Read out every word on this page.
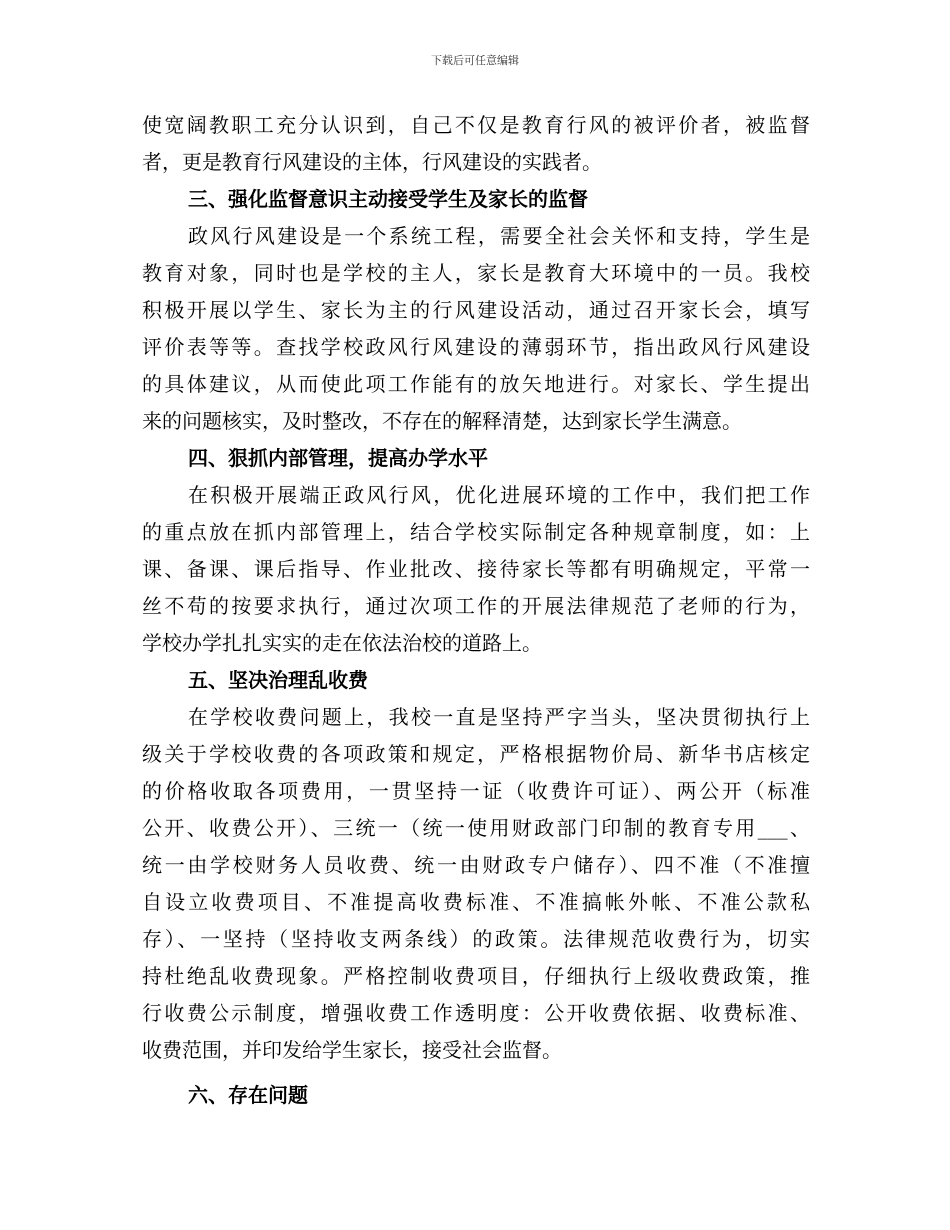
下载后可任意编辑
使宽阔教职工充分认识到，自己不仅是教育行风的被评价者，被监督
者，更是教育行风建设的主体，行风建设的实践者。
三、强化监督意识主动接受学生及家长的监督
政风行风建设是一个系统工程，需要全社会关怀和支持，学生是
教育对象，同时也是学校的主人，家长是教育大环境中的一员。我校
积极开展以学生、家长为主的行风建设活动，通过召开家长会，填写
评价表等等。查找学校政风行风建设的薄弱环节，指出政风行风建设
的具体建议，从而使此项工作能有的放矢地进行。对家长、学生提出
来的问题核实，及时整改，不存在的解释清楚，达到家长学生满意。
四、狠抓内部管理，提高办学水平
在积极开展端正政风行风，优化进展环境的工作中，我们把工作
的重点放在抓内部管理上，结合学校实际制定各种规章制度，如：上
课、备课、课后指导、作业批改、接待家长等都有明确规定，平常一
丝不苟的按要求执行，通过次项工作的开展法律规范了老师的行为，
学校办学扎扎实实的走在依法治校的道路上。
五、坚决治理乱收费
在学校收费问题上，我校一直是坚持严字当头，坚决贯彻执行上
级关于学校收费的各项政策和规定，严格根据物价局、新华书店核定
的价格收取各项费用，一贯坚持一证（收费许可证）、两公开（标准
公开、收费公开）、三统一（统一使用财政部门印制的教育专用___、
统一由学校财务人员收费、统一由财政专户储存）、四不准（不准擅
自设立收费项目、不准提高收费标准、不准搞帐外帐、不准公款私
存）、一坚持（坚持收支两条线）的政策。法律规范收费行为，切实
持杜绝乱收费现象。严格控制收费项目，仔细执行上级收费政策，推
行收费公示制度，增强收费工作透明度：公开收费依据、收费标准、
收费范围，并印发给学生家长，接受社会监督。
六、存在问题
